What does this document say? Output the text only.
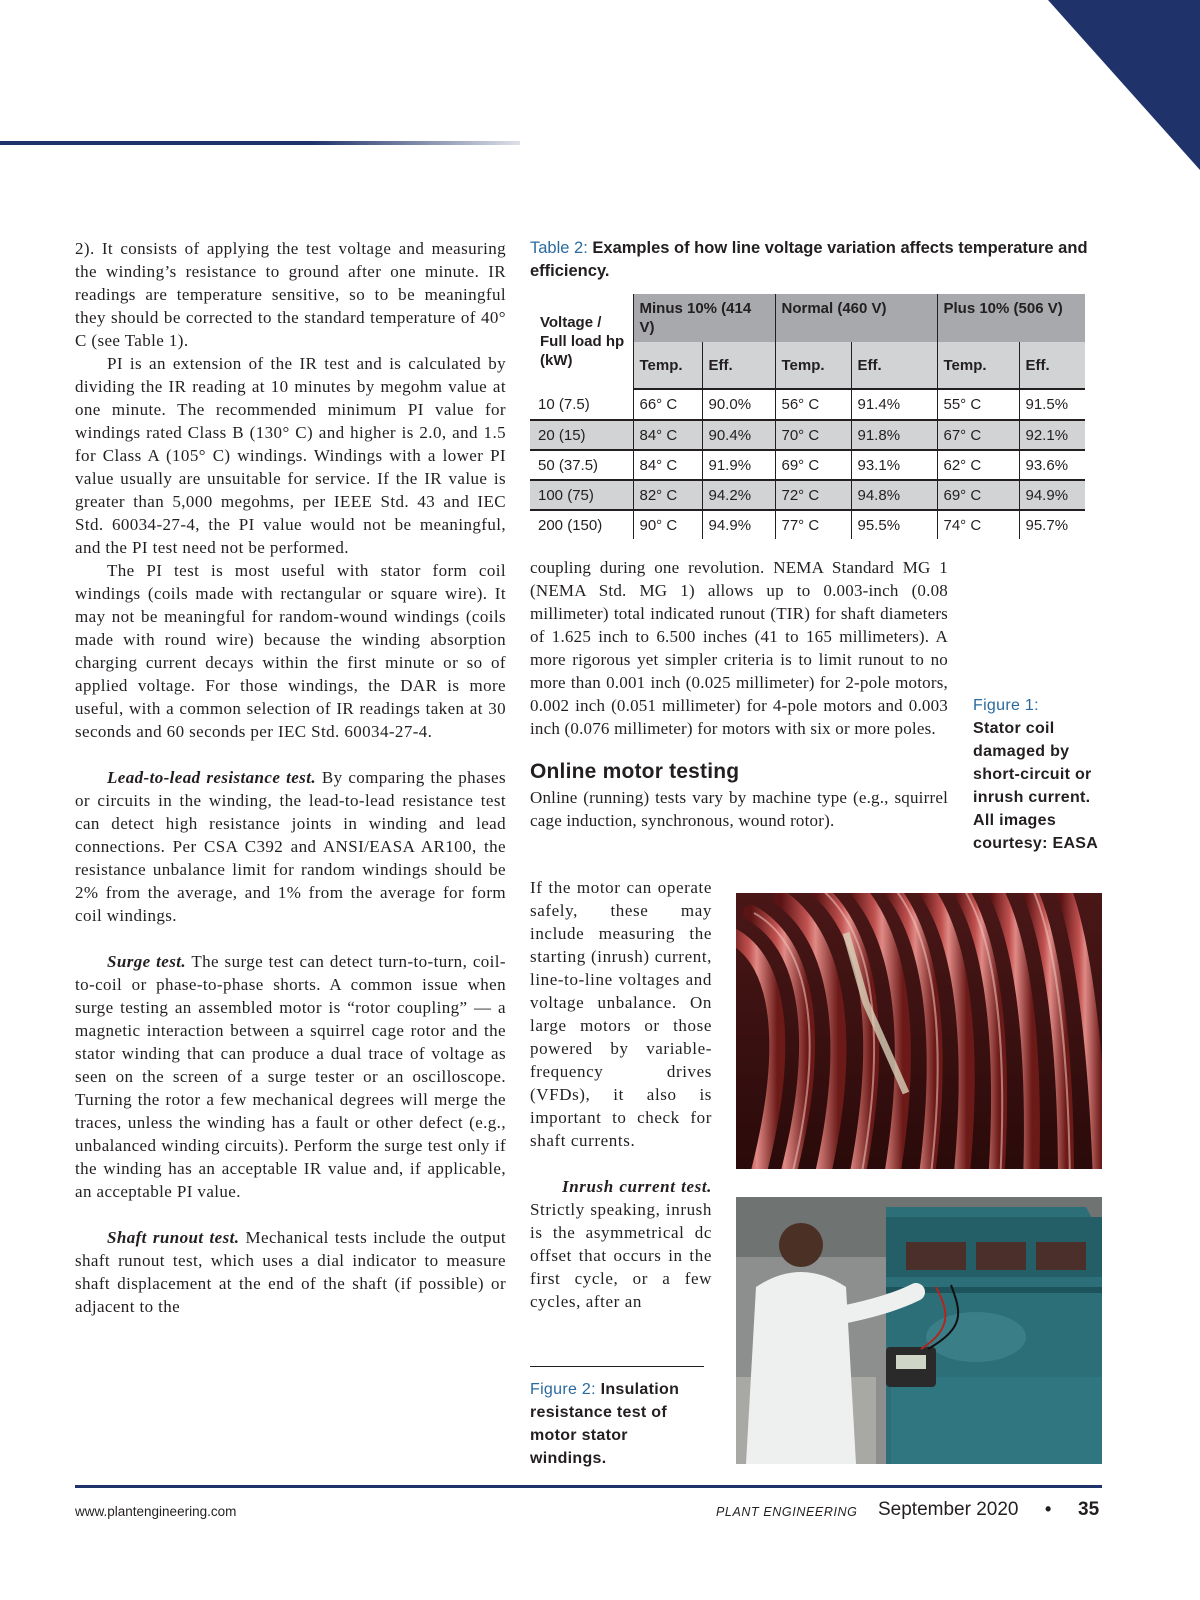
2). It consists of applying the test voltage and measuring the winding’s resistance to ground after one minute. IR readings are temperature sensitive, so to be meaningful they should be corrected to the standard temperature of 40° C (see Table 1).

PI is an extension of the IR test and is calculated by dividing the IR reading at 10 minutes by megohm value at one minute. The recommended minimum PI value for windings rated Class B (130° C) and higher is 2.0, and 1.5 for Class A (105° C) windings. Windings with a lower PI value usually are unsuitable for service. If the IR value is greater than 5,000 megohms, per IEEE Std. 43 and IEC Std. 60034-27-4, the PI value would not be meaningful, and the PI test need not be performed.

The PI test is most useful with stator form coil windings (coils made with rectangular or square wire). It may not be meaningful for random-wound windings (coils made with round wire) because the winding absorption charging current decays within the first minute or so of applied voltage. For those windings, the DAR is more useful, with a common selection of IR readings taken at 30 seconds and 60 seconds per IEC Std. 60034-27-4.

Lead-to-lead resistance test. By comparing the phases or circuits in the winding, the lead-to-lead resistance test can detect high resistance joints in winding and lead connections. Per CSA C392 and ANSI/EASA AR100, the resistance unbalance limit for random windings should be 2% from the average, and 1% from the average for form coil windings.

Surge test. The surge test can detect turn-to-turn, coil-to-coil or phase-to-phase shorts. A common issue when surge testing an assembled motor is “rotor coupling” — a magnetic interaction between a squirrel cage rotor and the stator winding that can produce a dual trace of voltage as seen on the screen of a surge tester or an oscilloscope. Turning the rotor a few mechanical degrees will merge the traces, unless the winding has a fault or other defect (e.g., unbalanced winding circuits). Perform the surge test only if the winding has an acceptable IR value and, if applicable, an acceptable PI value.

Shaft runout test. Mechanical tests include the output shaft runout test, which uses a dial indicator to measure shaft displacement at the end of the shaft (if possible) or adjacent to the

Table 2: Examples of how line voltage variation affects temperature and efficiency.
Voltage / Full load hp (kW)	Minus 10% (414 V)		Normal (460 V)		Plus 10% (506 V)	
	Temp.	Eff.	Temp.	Eff.	Temp.	Eff.
10 (7.5)	66° C	90.0%	56° C	91.4%	55° C	91.5%
20 (15)	84° C	90.4%	70° C	91.8%	67° C	92.1%
50 (37.5)	84° C	91.9%	69° C	93.1%	62° C	93.6%
100 (75)	82° C	94.2%	72° C	94.8%	69° C	94.9%
200 (150)	90° C	94.9%	77° C	95.5%	74° C	95.7%

coupling during one revolution. NEMA Standard MG 1 (NEMA Std. MG 1) allows up to 0.003-inch (0.08 millimeter) total indicated runout (TIR) for shaft diameters of 1.625 inch to 6.500 inches (41 to 165 millimeters). A more rigorous yet simpler criteria is to limit runout to no more than 0.001 inch (0.025 millimeter) for 2-pole motors, 0.002 inch (0.051 millimeter) for 4-pole motors and 0.003 inch (0.076 millimeter) for motors with six or more poles.

Online motor testing

Online (running) tests vary by machine type (e.g., squirrel cage induction, synchronous, wound rotor).

If the motor can operate safely, these may include measuring the starting (inrush) current, line-to-line voltages and voltage unbalance. On large motors or those powered by variable-frequency drives (VFDs), it also is important to check for shaft currents.

Inrush current test. Strictly speaking, inrush is the asymmetrical dc offset that occurs in the first cycle, or a few cycles, after an

Figure 2: Insulation resistance test of motor stator windings.
Figure 1:
Stator coil damaged by short-circuit or inrush current. All images courtesy: EASA
www.plantengineering.com	PLANT ENGINEERING September 2020 • 35
